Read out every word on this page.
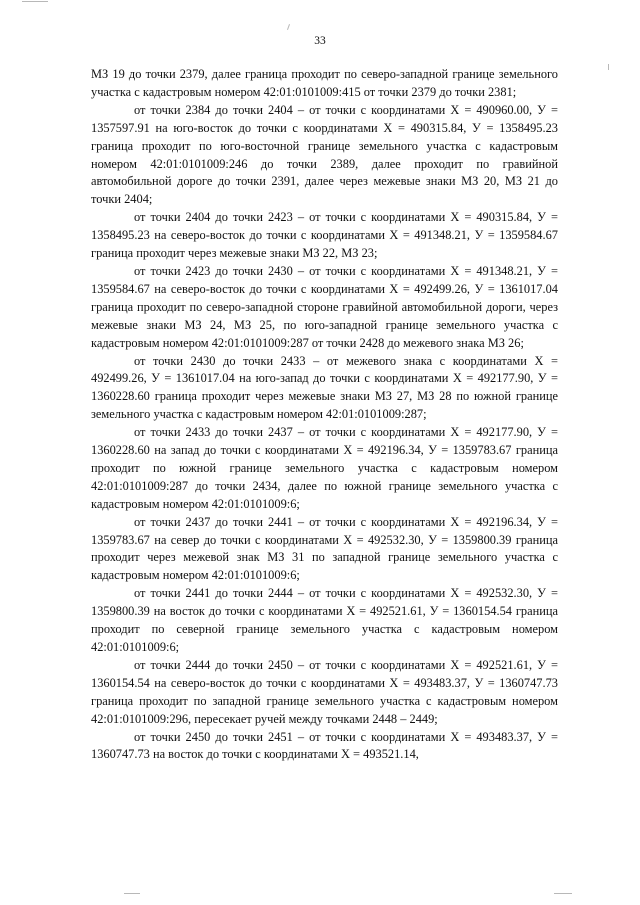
33

МЗ 19 до точки 2379, далее граница проходит по северо-западной границе земельного участка с кадастровым номером 42:01:0101009:415 от точки 2379 до точки 2381;

от точки 2384 до точки 2404 – от точки с координатами Х = 490960.00, У = 1357597.91 на юго-восток до точки с координатами Х = 490315.84, У = 1358495.23 граница проходит по юго-восточной границе земельного участка с кадастровым номером 42:01:0101009:246 до точки 2389, далее проходит по гравийной автомобильной дороге до точки 2391, далее через межевые знаки МЗ 20, МЗ 21 до точки 2404;

от точки 2404 до точки 2423 – от точки с координатами Х = 490315.84, У = 1358495.23 на северо-восток до точки с координатами Х = 491348.21, У = 1359584.67 граница проходит через межевые знаки МЗ 22, МЗ 23;

от точки 2423 до точки 2430 – от точки с координатами Х = 491348.21, У = 1359584.67 на северо-восток до точки с координатами Х = 492499.26, У = 1361017.04 граница проходит по северо-западной стороне гравийной автомобильной дороги, через межевые знаки МЗ 24, МЗ 25, по юго-западной границе земельного участка с кадастровым номером 42:01:0101009:287 от точки 2428 до межевого знака МЗ 26;

от точки 2430 до точки 2433 – от межевого знака с координатами Х = 492499.26, У = 1361017.04 на юго-запад до точки с координатами Х = 492177.90, У = 1360228.60 граница проходит через межевые знаки МЗ 27, МЗ 28 по южной границе земельного участка с кадастровым номером 42:01:0101009:287;

от точки 2433 до точки 2437 – от точки с координатами Х = 492177.90, У = 1360228.60 на запад до точки с координатами Х = 492196.34, У = 1359783.67 граница проходит по южной границе земельного участка с кадастровым номером 42:01:0101009:287 до точки 2434, далее по южной границе земельного участка с кадастровым номером 42:01:0101009:6;

от точки 2437 до точки 2441 – от точки с координатами Х = 492196.34, У = 1359783.67 на север до точки с координатами Х = 492532.30, У = 1359800.39 граница проходит через межевой знак МЗ 31 по западной границе земельного участка с кадастровым номером 42:01:0101009:6;

от точки 2441 до точки 2444 – от точки с координатами Х = 492532.30, У = 1359800.39 на восток до точки с координатами Х = 492521.61, У = 1360154.54 граница проходит по северной границе земельного участка с кадастровым номером 42:01:0101009:6;

от точки 2444 до точки 2450 – от точки с координатами Х = 492521.61, У = 1360154.54 на северо-восток до точки с координатами Х = 493483.37, У = 1360747.73 граница проходит по западной границе земельного участка с кадастровым номером 42:01:0101009:296, пересекает ручей между точками 2448 – 2449;

от точки 2450 до точки 2451 – от точки с координатами Х = 493483.37, У = 1360747.73 на восток до точки с координатами Х = 493521.14,
